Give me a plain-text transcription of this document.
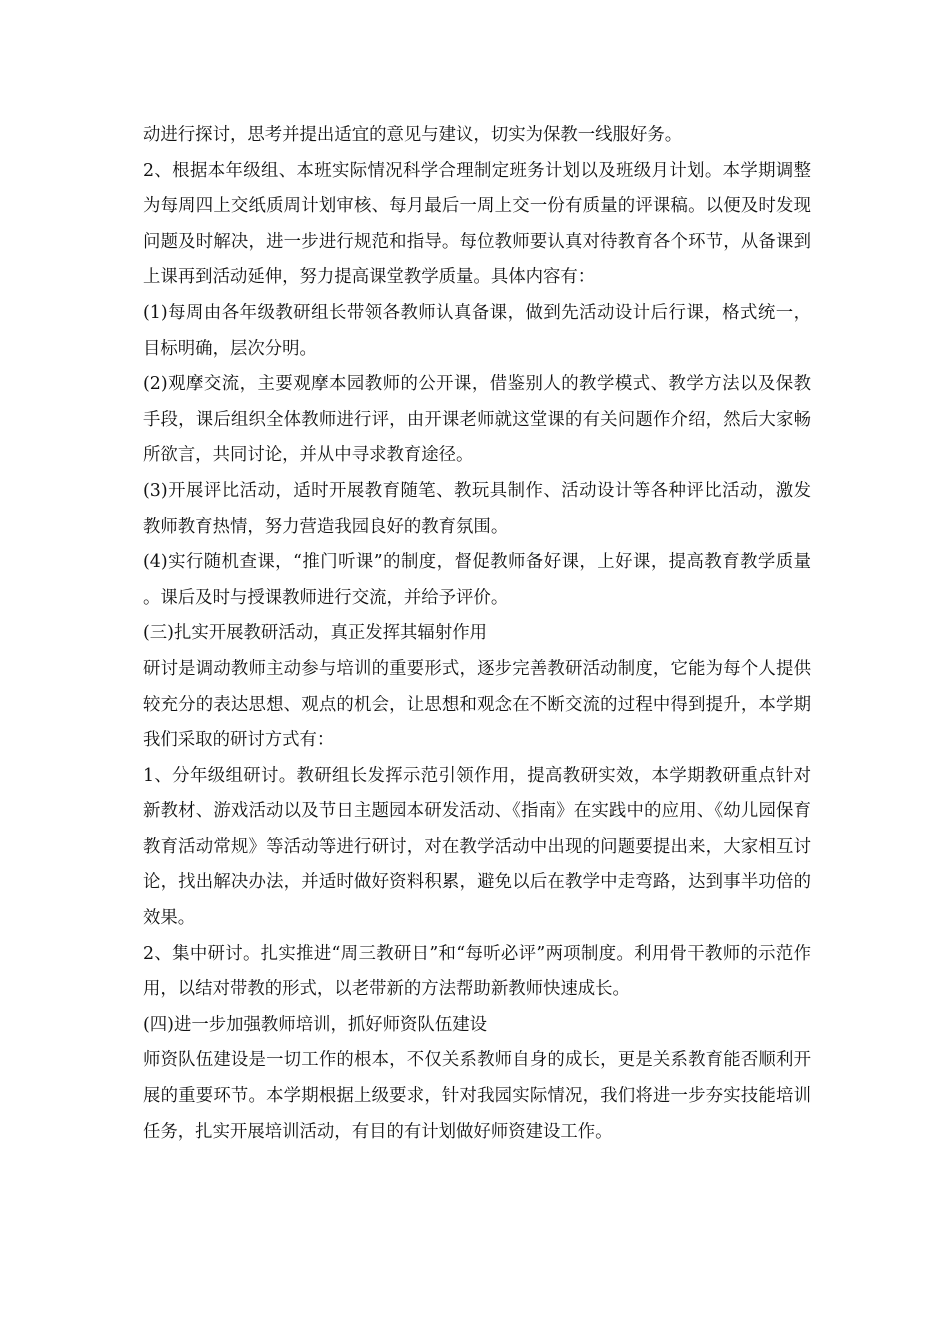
动进行探讨，思考并提出适宜的意见与建议，切实为保教一线服好务。

2、根据本年级组、本班实际情况科学合理制定班务计划以及班级月计划。本学期调整为每周四上交纸质周计划审核、每月最后一周上交一份有质量的评课稿。以便及时发现问题及时解决，进一步进行规范和指导。每位教师要认真对待教育各个环节，从备课到上课再到活动延伸，努力提高课堂教学质量。具体内容有：

(1)每周由各年级教研组长带领各教师认真备课，做到先活动设计后行课，格式统一，目标明确，层次分明。

(2)观摩交流，主要观摩本园教师的公开课，借鉴别人的教学模式、教学方法以及保教手段，课后组织全体教师进行评，由开课老师就这堂课的有关问题作介绍，然后大家畅所欲言，共同讨论，并从中寻求教育途径。

(3)开展评比活动，适时开展教育随笔、教玩具制作、活动设计等各种评比活动，激发教师教育热情，努力营造我园良好的教育氛围。

(4)实行随机查课，“推门听课”的制度，督促教师备好课，上好课，提高教育教学质量。课后及时与授课教师进行交流，并给予评价。

(三)扎实开展教研活动，真正发挥其辐射作用

研讨是调动教师主动参与培训的重要形式，逐步完善教研活动制度，它能为每个人提供较充分的表达思想、观点的机会，让思想和观念在不断交流的过程中得到提升，本学期我们采取的研讨方式有：

1、分年级组研讨。教研组长发挥示范引领作用，提高教研实效，本学期教研重点针对新教材、游戏活动以及节日主题园本研发活动、《指南》在实践中的应用、《幼儿园保育教育活动常规》等活动等进行研讨，对在教学活动中出现的问题要提出来，大家相互讨论，找出解决办法，并适时做好资料积累，避免以后在教学中走弯路，达到事半功倍的效果。

2、集中研讨。扎实推进“周三教研日”和“每听必评”两项制度。利用骨干教师的示范作用，以结对带教的形式，以老带新的方法帮助新教师快速成长。

(四)进一步加强教师培训，抓好师资队伍建设

师资队伍建设是一切工作的根本，不仅关系教师自身的成长，更是关系教育能否顺利开展的重要环节。本学期根据上级要求，针对我园实际情况，我们将进一步夯实技能培训任务，扎实开展培训活动，有目的有计划做好师资建设工作。
